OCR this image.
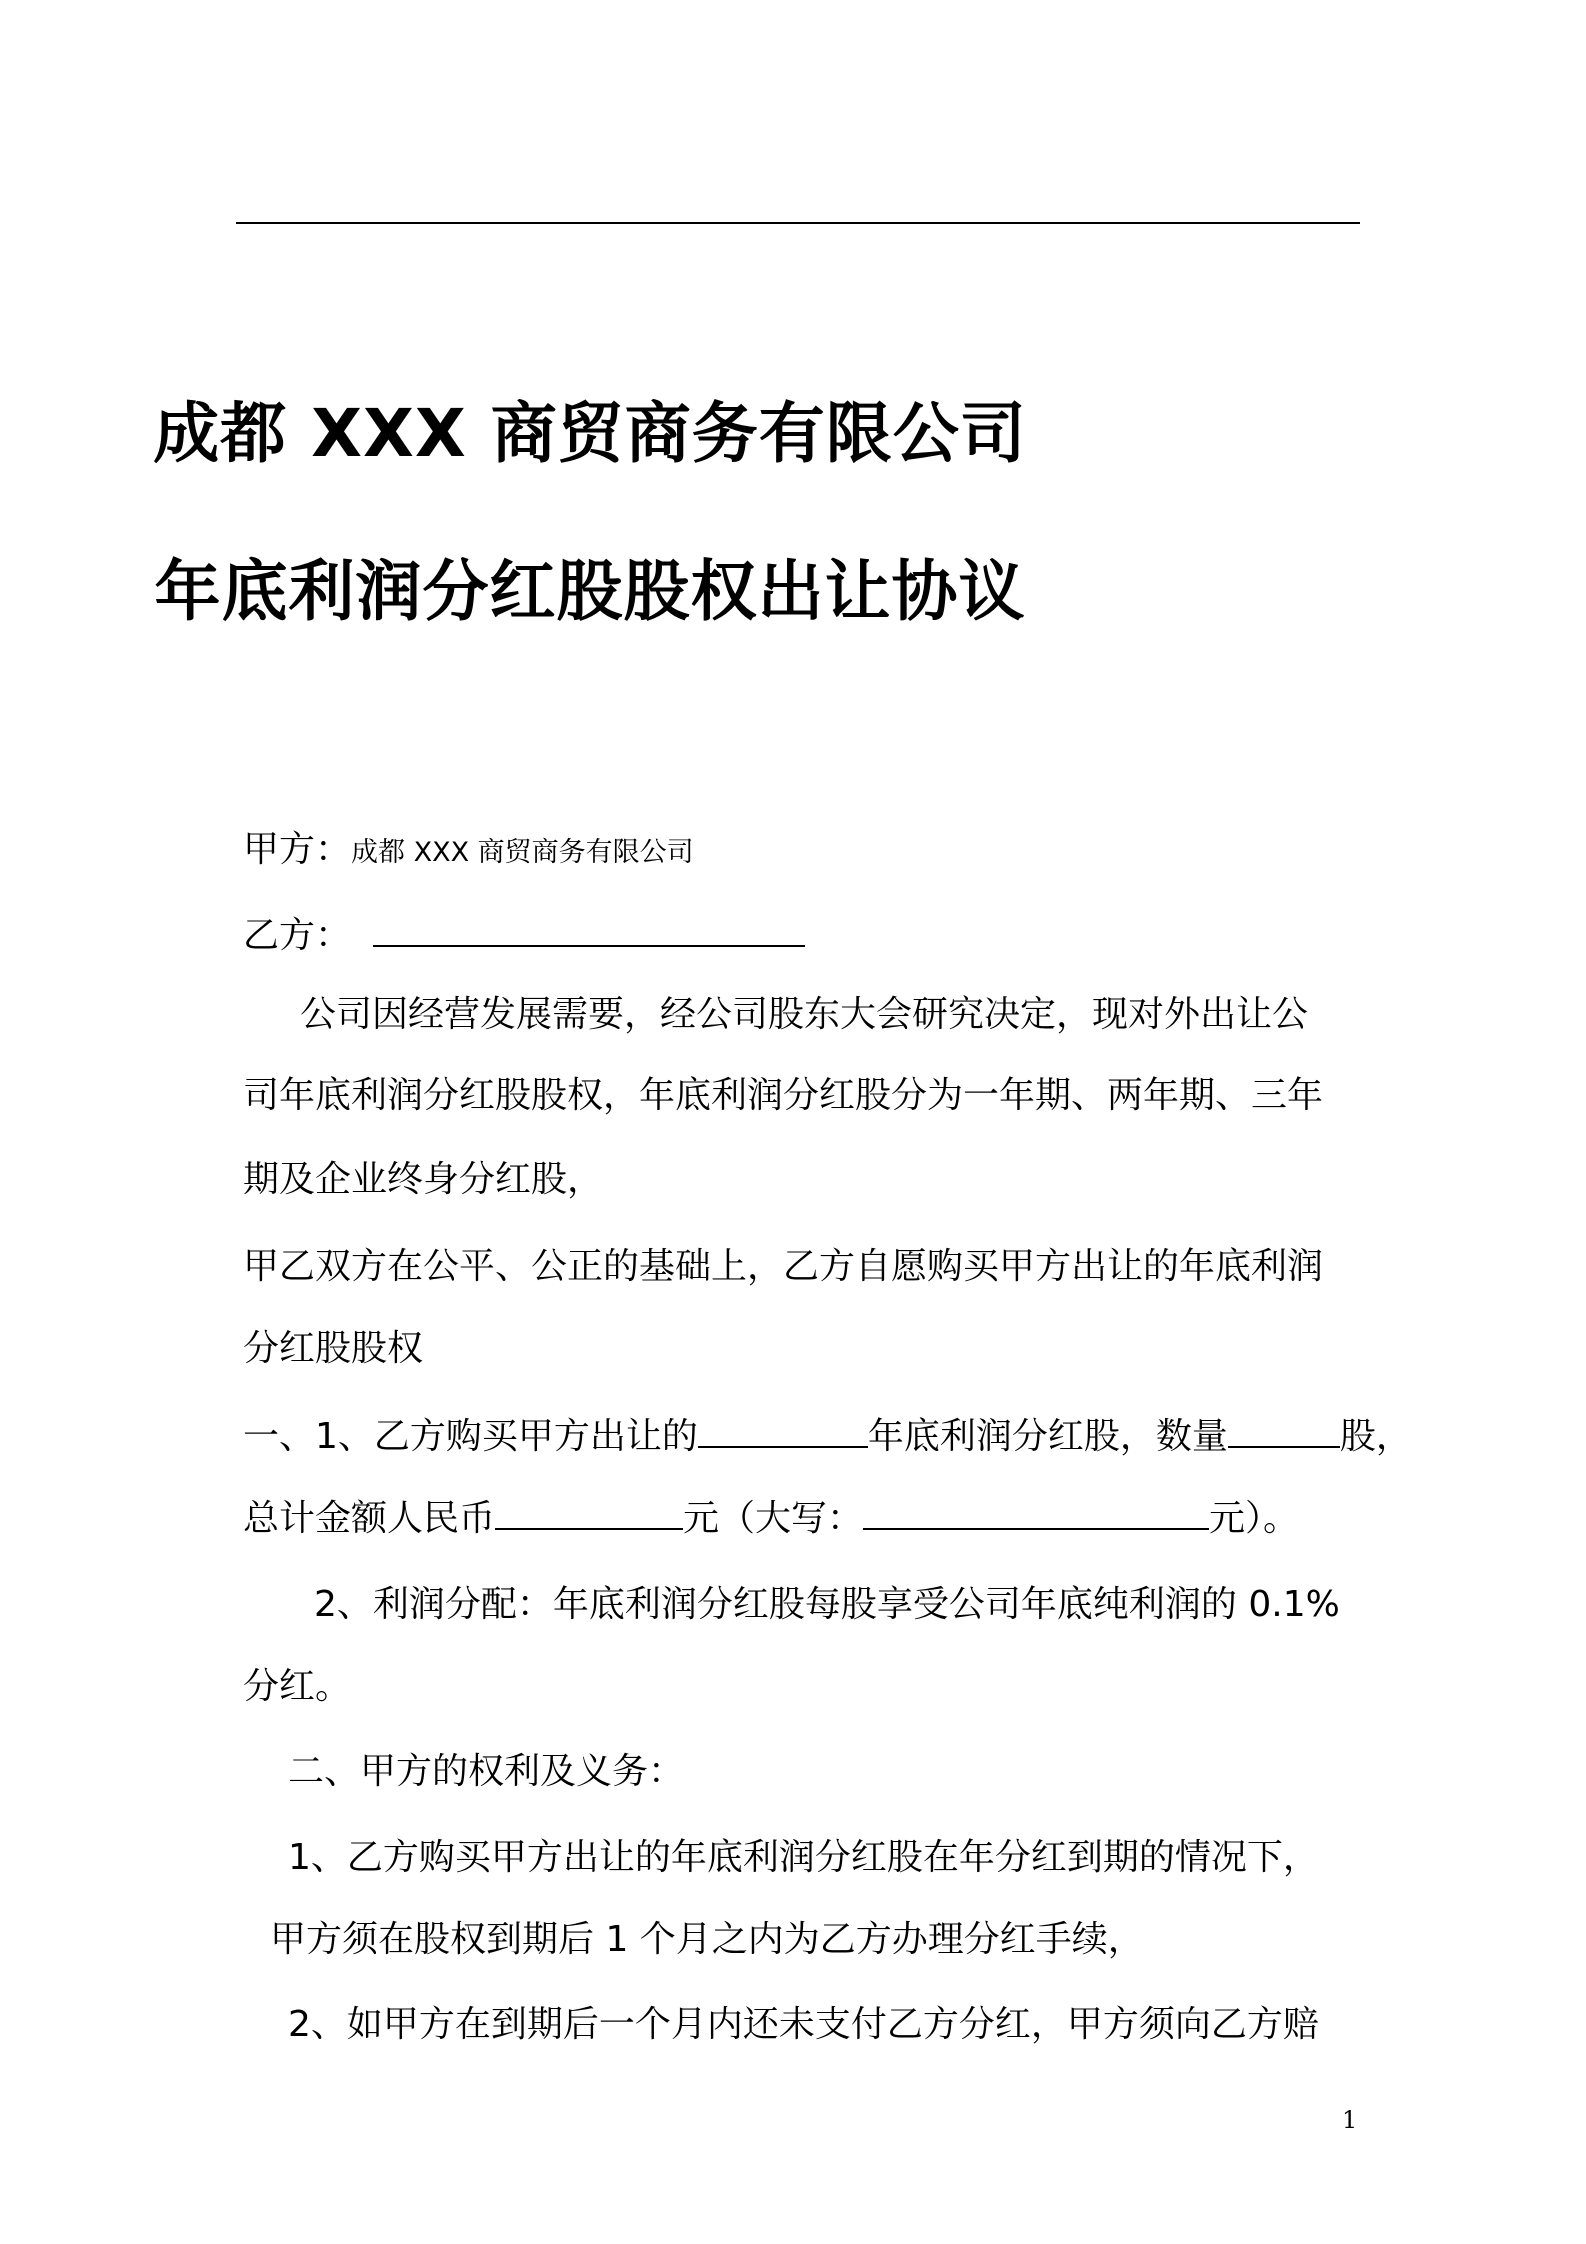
成都 XXX 商贸商务有限公司
年底利润分红股股权出让协议
甲方：成都 XXX 商贸商务有限公司
乙方：
公司因经营发展需要，经公司股东大会研究决定，现对外出让公
司年底利润分红股股权，年底利润分红股分为一年期、两年期、三年
期及企业终身分红股，
甲乙双方在公平、公正的基础上，乙方自愿购买甲方出让的年底利润
分红股股权
一、1、乙方购买甲方出让的	年底利润分红股，数量	股，
总计金额人民币	元（大写：	元）。
2、利润分配：年底利润分红股每股享受公司年底纯利润的 0.1%
分红。
二、甲方的权利及义务：
1、乙方购买甲方出让的年底利润分红股在年分红到期的情况下，
甲方须在股权到期后 1 个月之内为乙方办理分红手续，
2、如甲方在到期后一个月内还未支付乙方分红，甲方须向乙方赔
1
